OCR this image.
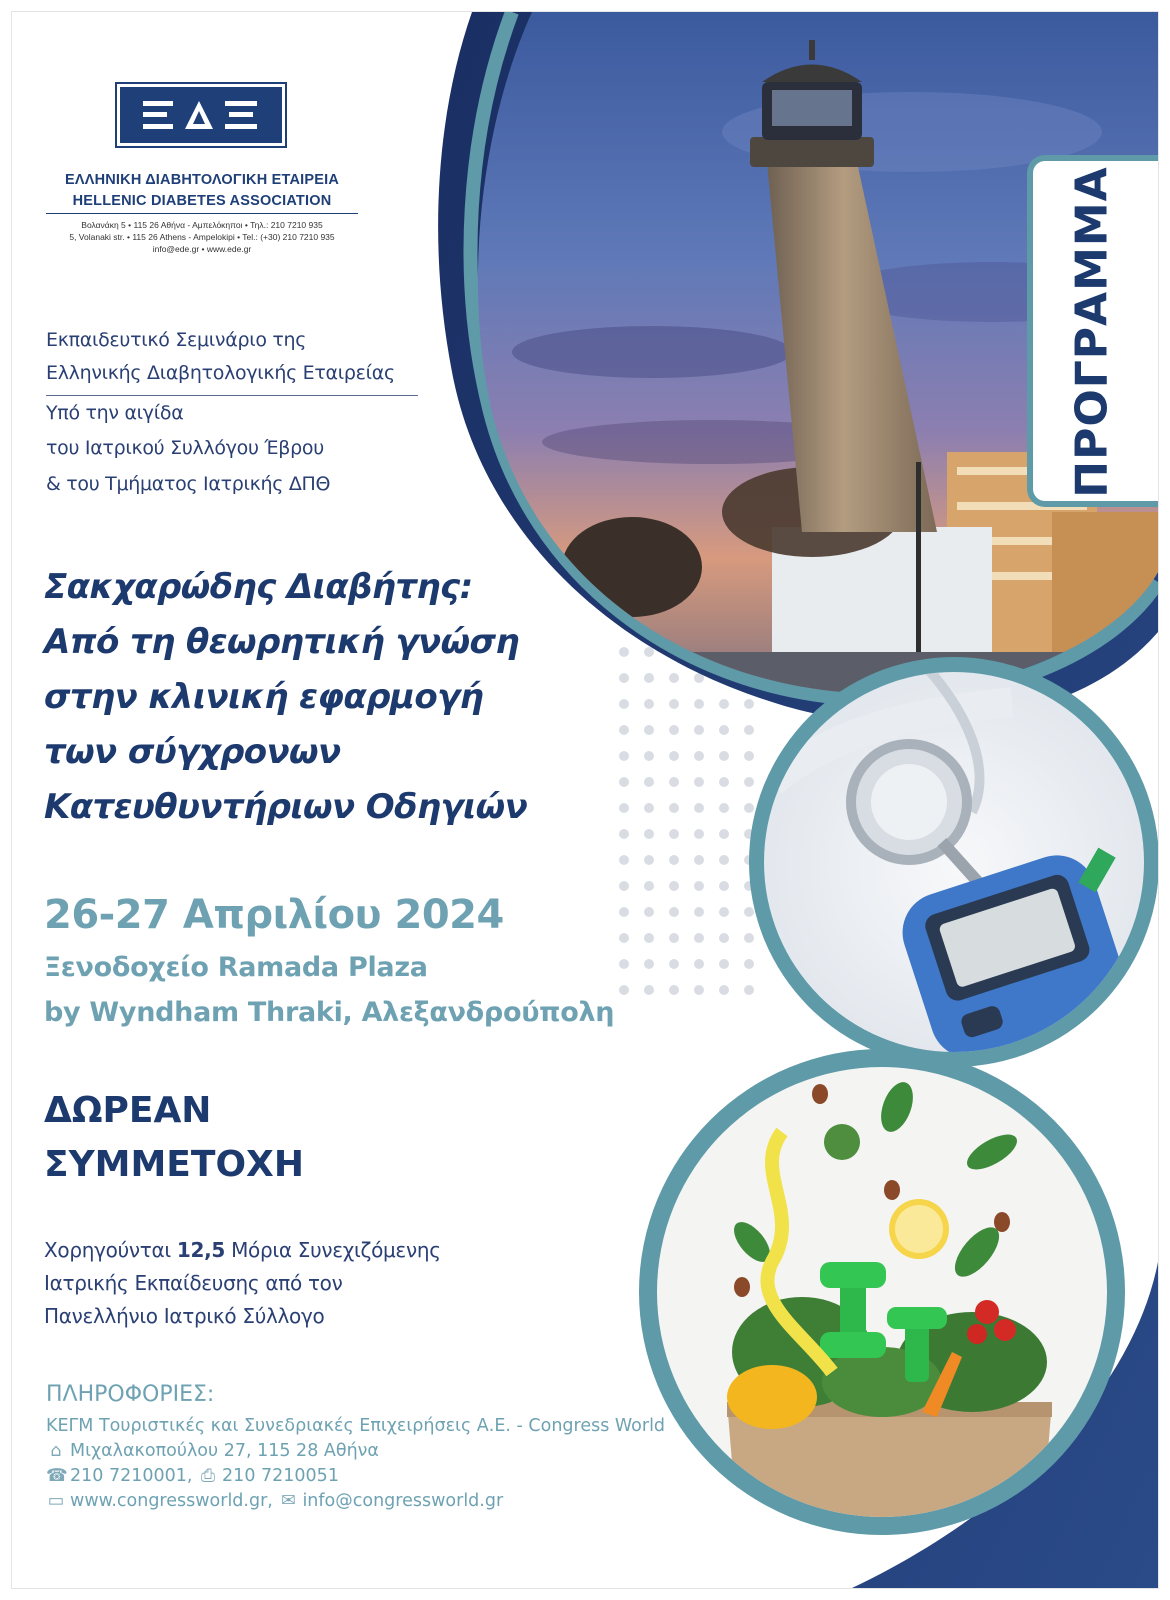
ΠΡΟΓΡΑΜΜΑ
ΕΛΛΗΝΙΚΗ ΔΙΑΒΗΤΟΛΟΓΙΚΗ ΕΤΑΙΡΕΙΑ
HELLENIC DIABETES ASSOCIATION
Βολανάκη 5 • 115 26 Αθήνα - Αμπελόκηποι • Τηλ.: 210 7210 935
5, Volanaki str. • 115 26 Athens - Ampelokipi • Tel.: (+30) 210 7210 935
info@ede.gr • www.ede.gr
Εκπαιδευτικό Σεμινάριο της
Ελληνικής Διαβητολογικής Εταιρείας
Υπό την αιγίδα
του Ιατρικού Συλλόγου Έβρου
& του Τμήματος Ιατρικής ΔΠΘ
Σακχαρώδης Διαβήτης:
Από τη θεωρητική γνώση
στην κλινική εφαρμογή
των σύγχρονων
Κατευθυντήριων Οδηγιών
26-27 Απριλίου 2024
Ξενοδοχείο Ramada Plaza
by Wyndham Thraki, Αλεξανδρούπολη
ΔΩΡΕΑΝ
ΣΥΜΜΕΤΟΧΗ
Χορηγούνται 12,5 Μόρια Συνεχιζόμενης
Ιατρικής Εκπαίδευσης από τον
Πανελλήνιο Ιατρικό Σύλλογο
ΠΛΗΡΟΦΟΡΙΕΣ:
ΚΕΓΜ Τουριστικές και Συνεδριακές Επιχειρήσεις Α.Ε. - Congress World
⌂ Μιχαλακοπούλου 27, 115 28 Αθήνα
☎ 210 7210001, ⎙ 210 7210051
▭ www.congressworld.gr, ✉ info@congressworld.gr
